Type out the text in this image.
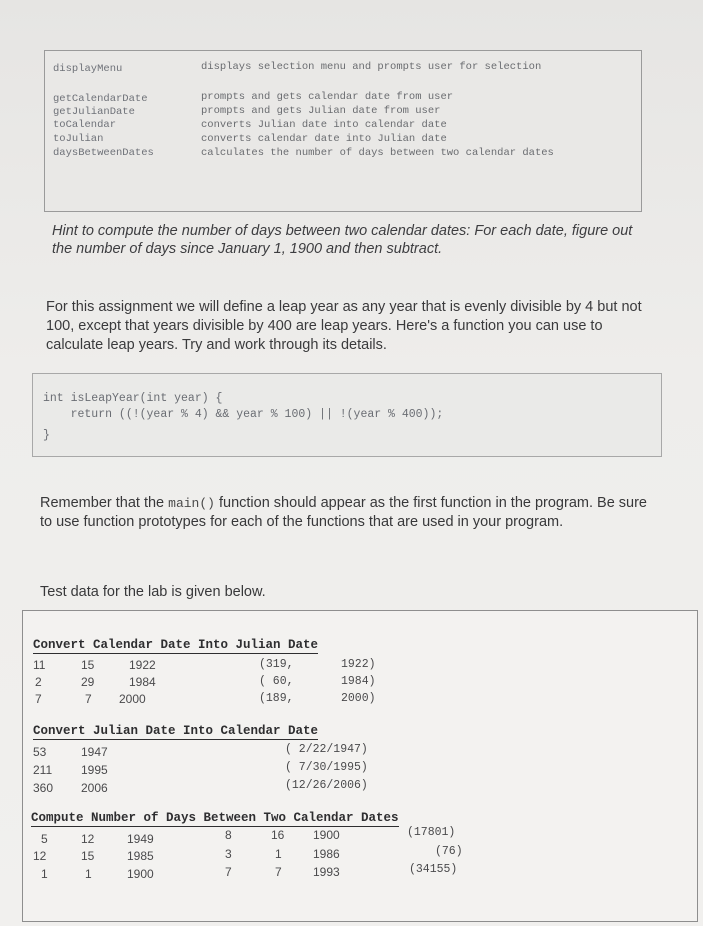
displayMenu	displays selection menu and prompts user for selection
getCalendarDate	prompts and gets calendar date from user
getJulianDate	prompts and gets Julian date from user
toCalendar	converts Julian date into calendar date
toJulian	converts calendar date into Julian date
daysBetweenDates	calculates the number of days between two calendar dates
Hint to compute the number of days between two calendar dates: For each date, figure out the number of days since January 1, 1900 and then subtract.
For this assignment we will define a leap year as any year that is evenly divisible by 4 but not 100, except that years divisible by 400 are leap years. Here's a function you can use to calculate leap years. Try and work through its details.
int isLeapYear(int year) {
return ((!(year % 4) && year % 100) || !(year % 400));
}
Remember that the main() function should appear as the first function in the program. Be sure to use function prototypes for each of the functions that are used in your program.
Test data for the lab is given below.
Convert Calendar Date Into Julian Date
11	15	1922	(319,	1922)
2	29	1984	( 60,	1984)
7	7 2000	(189,	2000)
Convert Julian Date Into Calendar Date
53	1947	( 2/22/1947)
211 1995	( 7/30/1995)
360 2006	(12/26/2006)
Compute Number of Days Between Two Calendar Dates
5	12	1949	8	16 1900	(17801)
12	15	1985	3	1	1986	(76)
1	1	1900	7	7	1993	(34155)
